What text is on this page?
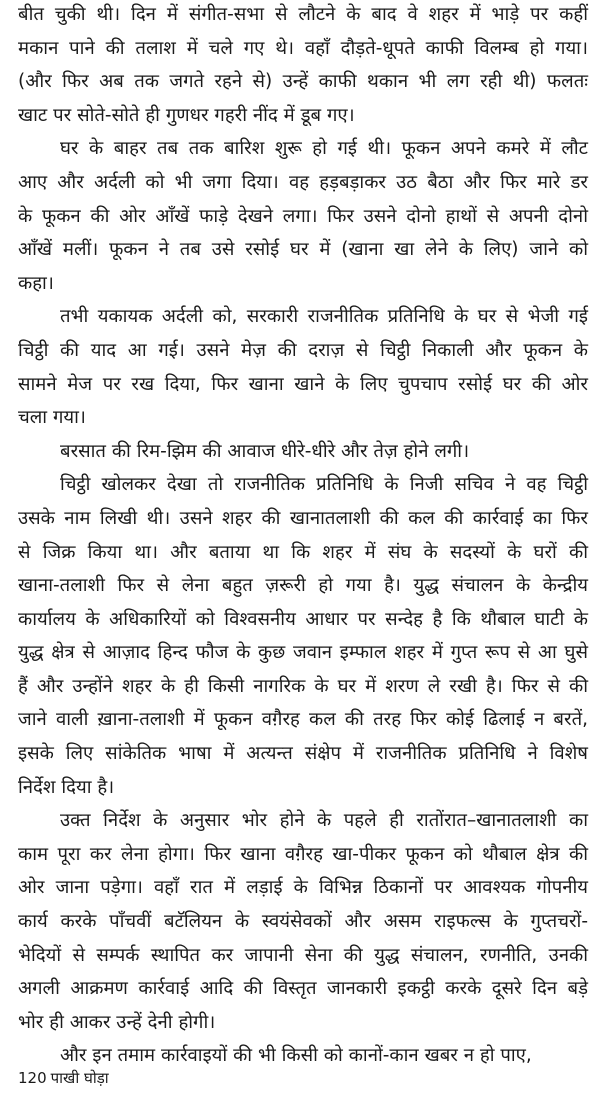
बीत चुकी थी। दिन में संगीत-सभा से लौटने के बाद वे शहर में भाड़े पर कहीं
मकान पाने की तलाश में चले गए थे। वहाँ दौड़ते-धूपते काफी विलम्ब हो गया।
(और फिर अब तक जगते रहने से) उन्हें काफी थकान भी लग रही थी) फलतः
खाट पर सोते-सोते ही गुणधर गहरी नींद में डूब गए।
घर के बाहर तब तक बारिश शुरू हो गई थी। फूकन अपने कमरे में लौट
आए और अर्दली को भी जगा दिया। वह हड़बड़ाकर उठ बैठा और फिर मारे डर
के फूकन की ओर आँखें फाड़े देखने लगा। फिर उसने दोनो हाथों से अपनी दोनो
आँखें मलीं। फूकन ने तब उसे रसोई घर में (खाना खा लेने के लिए) जाने को
कहा।
तभी यकायक अर्दली को, सरकारी राजनीतिक प्रतिनिधि के घर से भेजी गई
चिट्ठी की याद आ गई। उसने मेज़ की दराज़ से चिट्ठी निकाली और फूकन के
सामने मेज पर रख दिया, फिर खाना खाने के लिए चुपचाप रसोई घर की ओर
चला गया।
बरसात की रिम-झिम की आवाज धीरे-धीरे और तेज़ होने लगी।
चिट्ठी खोलकर देखा तो राजनीतिक प्रतिनिधि के निजी सचिव ने वह चिट्ठी
उसके नाम लिखी थी। उसने शहर की खानातलाशी की कल की कार्रवाई का फिर
से जिक्र किया था। और बताया था कि शहर में संघ के सदस्यों के घरों की
खाना-तलाशी फिर से लेना बहुत ज़रूरी हो गया है। युद्ध संचालन के केन्द्रीय
कार्यालय के अधिकारियों को विश्वसनीय आधार पर सन्देह है कि थौबाल घाटी के
युद्ध क्षेत्र से आज़ाद हिन्द फौज के कुछ जवान इम्फाल शहर में गुप्त रूप से आ घुसे
हैं और उन्होंने शहर के ही किसी नागरिक के घर में शरण ले रखी है। फिर से की
जाने वाली ख़ाना-तलाशी में फूकन वग़ैरह कल की तरह फिर कोई ढिलाई न बरतें,
इसके लिए सांकेतिक भाषा में अत्यन्त संक्षेप में राजनीतिक प्रतिनिधि ने विशेष
निर्देश दिया है।
उक्त निर्देश के अनुसार भोर होने के पहले ही रातोंरात–खानातलाशी का
काम पूरा कर लेना होगा। फिर खाना वग़ैरह खा-पीकर फूकन को थौबाल क्षेत्र की
ओर जाना पड़ेगा। वहाँ रात में लड़ाई के विभिन्न ठिकानों पर आवश्यक गोपनीय
कार्य करके पाँचवीं बटॅलियन के स्वयंसेवकों और असम राइफल्स के गुप्तचरों-
भेदियों से सम्पर्क स्थापित कर जापानी सेना की युद्ध संचालन, रणनीति, उनकी
अगली आक्रमण कार्रवाई आदि की विस्तृत जानकारी इकट्ठी करके दूसरे दिन बड़े
भोर ही आकर उन्हें देनी होगी।
और इन तमाम कार्रवाइयों की भी किसी को कानों-कान खबर न हो पाए,
120 पाखी घोड़ा
